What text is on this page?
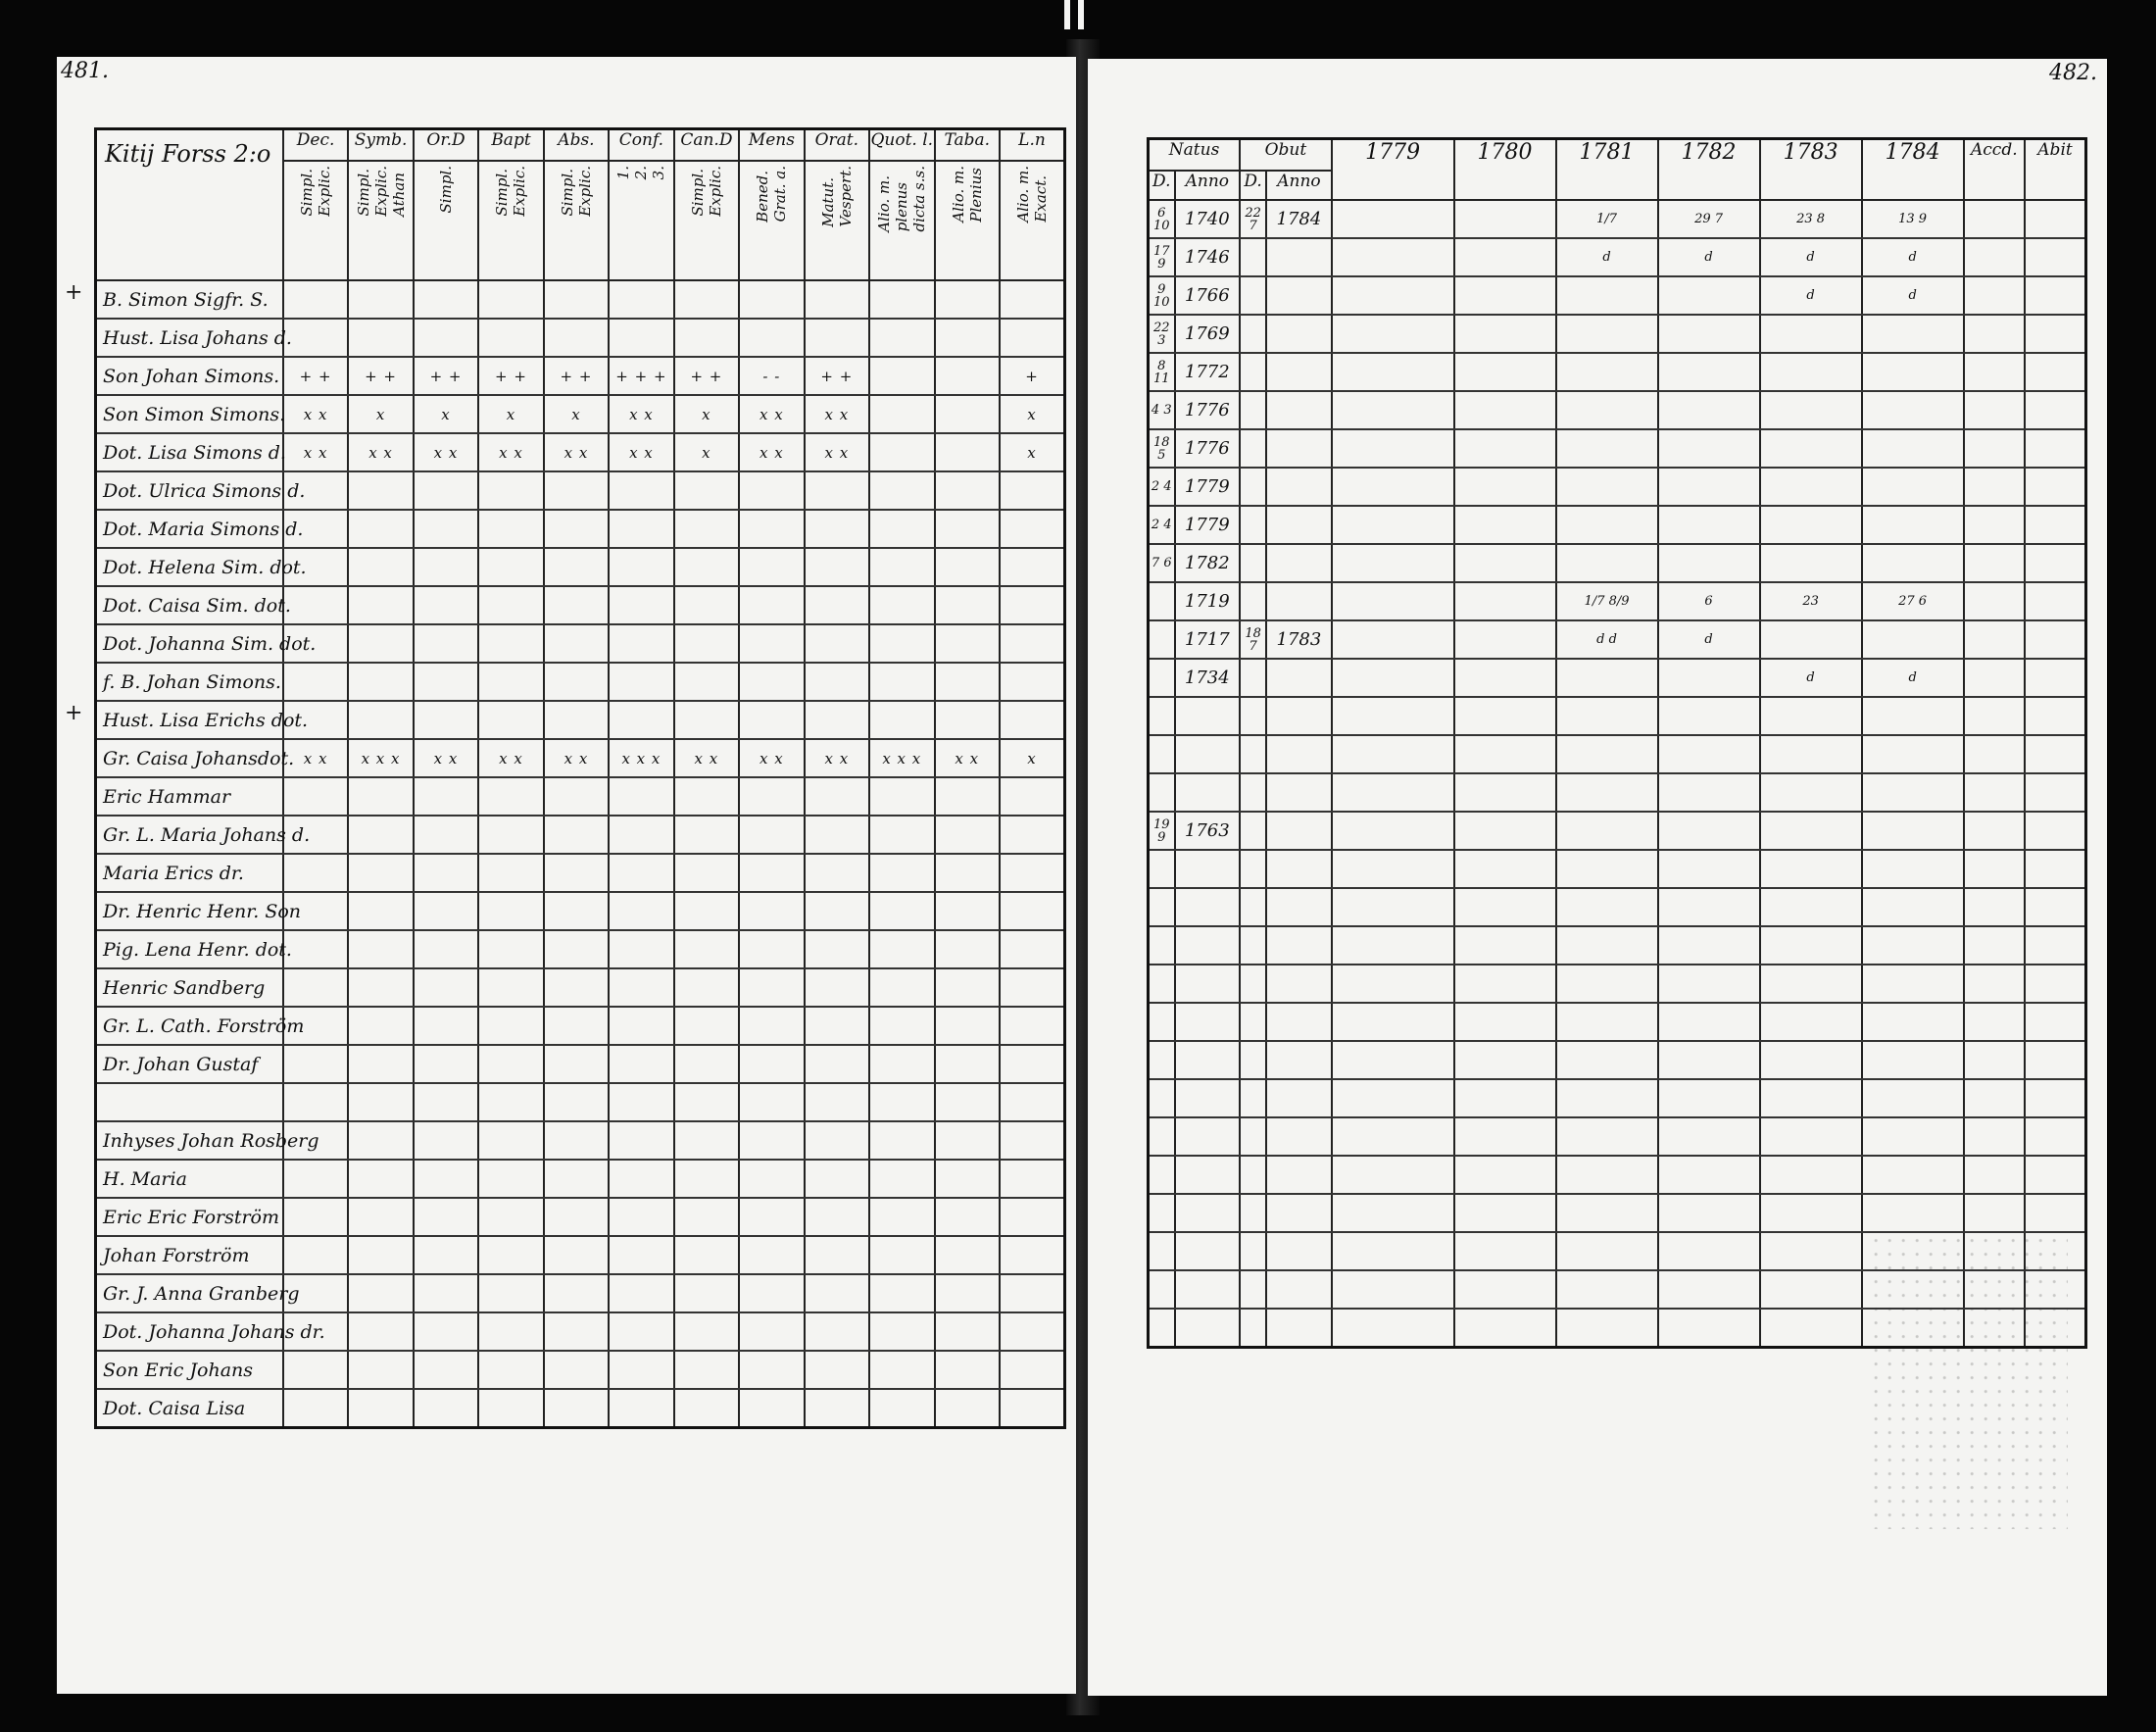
481.
+
+
Kitij Forss 2:o	Dec.	Symb.	Or.D	Bapt	Abs.	Conf.	Can.D	Mens	Orat.	Quot. l.	Taba.	L.n
	Simpl.Explic.	Simpl.Explic.Athan	Simpl.	Simpl.Explic.	Simpl.Explic.	1.2.3.	Simpl.Explic.	Bened.Grat. a.	Matut.Vespert.	Alio. m.plenusdicta s.s.	Alio. m.Plenius	Alio. m.Exact.
B. Simon Sigfr. S.												
Hust. Lisa Johans d.												
Son Johan Simons.	+ +	+ +	+ +	+ +	+ +	+ + +	+ +	- -	+ +			+
Son Simon Simons.	x x	x	x	x	x	x x	x	x x	x x			x
Dot. Lisa Simons d.	x x	x x	x x	x x	x x	x x	x	x x	x x			x
Dot. Ulrica Simons d.												
Dot. Maria Simons d.												
Dot. Helena Sim. dot.												
Dot. Caisa Sim. dot.												
Dot. Johanna Sim. dot.												
f. B. Johan Simons.												
Hust. Lisa Erichs dot.												
Gr. Caisa Johansdot.	x x	x x x	x x	x x	x x	x x x	x x	x x	x x	x x x	x x	x
Eric Hammar												
Gr. L. Maria Johans d.												
Maria Erics dr.												
Dr. Henric Henr. Son												
Pig. Lena Henr. dot.												
Henric Sandberg												
Gr. L. Cath. Forström												
Dr. Johan Gustaf												

Inhyses Johan Rosberg												
H. Maria												
Eric Eric Forström												
Johan Forström												
Gr. J. Anna Granberg												
Dot. Johanna Johans dr.												
Son Eric Johans												
Dot. Caisa Lisa												
482.
Natus		Obut		1779	1780	1781	1782	1783	1784	Accd.	Abit
D.	Anno	D.	Anno								
6 10	1740	22 7	1784			1/7	29 7	23 8	13 9		
17 9	1746					d	d	d	d		
9 10	1766							d	d		
22 3	1769										
8 11	1772										
4 3	1776										
18 5	1776										
2 4	1779										
2 4	1779										
7 6	1782										
	1719					1/7 8/9	6	23	27 6		
	1717	18 7	1783			d d	d				
	1734							d	d		

19 9	1763										
